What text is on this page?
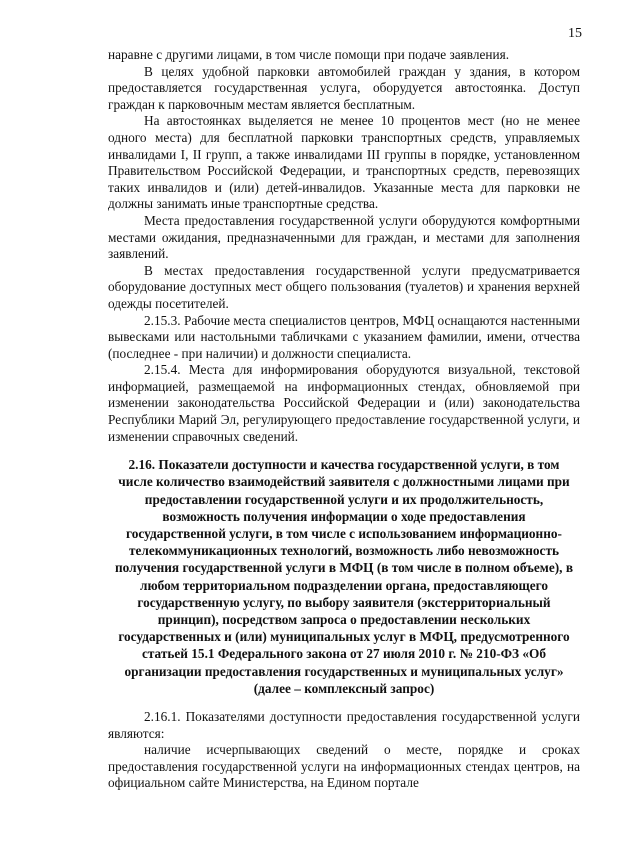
15

наравне с другими лицами, в том числе помощи при подаче заявления.

В целях удобной парковки автомобилей граждан у здания, в котором предоставляется государственная услуга, оборудуется автостоянка. Доступ граждан к парковочным местам является бесплатным.

На автостоянках выделяется не менее 10 процентов мест (но не менее одного места) для бесплатной парковки транспортных средств, управляемых инвалидами I, II групп, а также инвалидами III группы в порядке, установленном Правительством Российской Федерации, и транспортных средств, перевозящих таких инвалидов и (или) детей-инвалидов. Указанные места для парковки не должны занимать иные транспортные средства.

Места предоставления государственной услуги оборудуются комфортными местами ожидания, предназначенными для граждан, и местами для заполнения заявлений.

В местах предоставления государственной услуги предусматривается оборудование доступных мест общего пользования (туалетов) и хранения верхней одежды посетителей.

2.15.3. Рабочие места специалистов центров, МФЦ оснащаются настенными вывесками или настольными табличками с указанием фамилии, имени, отчества (последнее - при наличии) и должности специалиста.

2.15.4. Места для информирования оборудуются визуальной, текстовой информацией, размещаемой на информационных стендах, обновляемой при изменении законодательства Российской Федерации и (или) законодательства Республики Марий Эл, регулирующего предоставление государственной услуги, и изменении справочных сведений.

2.16. Показатели доступности и качества государственной услуги, в том числе количество взаимодействий заявителя с должностными лицами при предоставлении государственной услуги и их продолжительность, возможность получения информации о ходе предоставления государственной услуги, в том числе с использованием информационно-телекоммуникационных технологий, возможность либо невозможность получения государственной услуги в МФЦ (в том числе в полном объеме), в любом территориальном подразделении органа, предоставляющего государственную услугу, по выбору заявителя (экстерриториальный принцип), посредством запроса о предоставлении нескольких государственных и (или) муниципальных услуг в МФЦ, предусмотренного статьей 15.1 Федерального закона от 27 июля 2010 г. № 210-ФЗ «Об организации предоставления государственных и муниципальных услуг» (далее – комплексный запрос)

2.16.1. Показателями доступности предоставления государственной услуги являются:

наличие исчерпывающих сведений о месте, порядке и сроках предоставления государственной услуги на информационных стендах центров, на официальном сайте Министерства, на Едином портале
